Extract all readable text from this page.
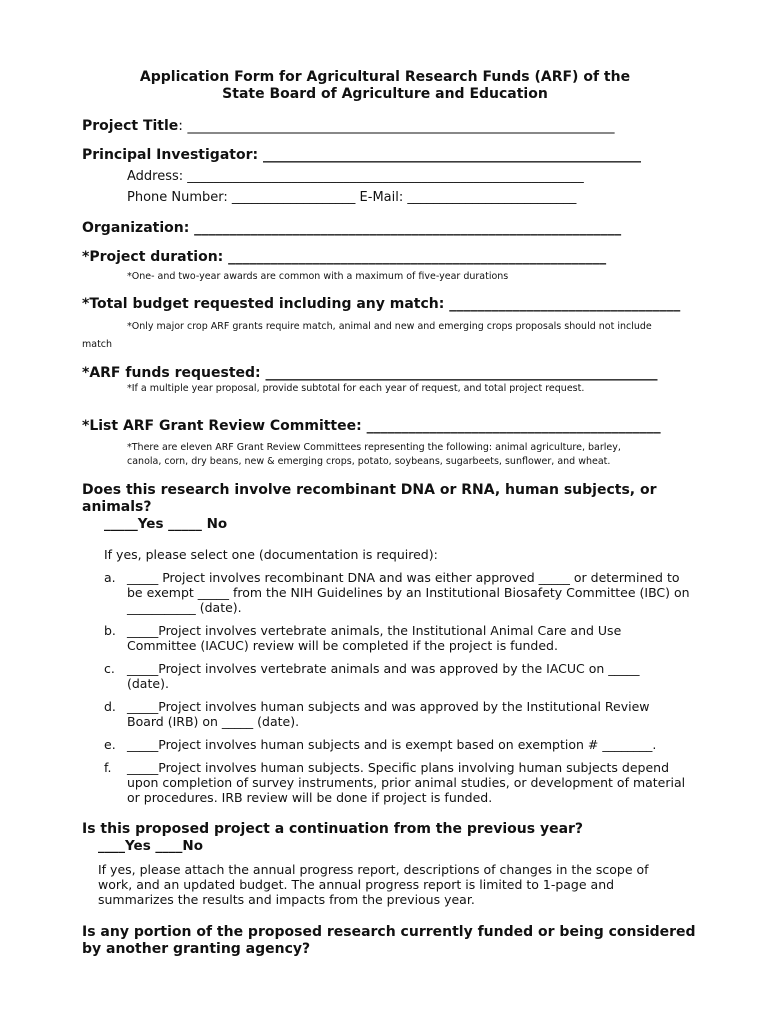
Application Form for Agricultural Research Funds (ARF) of the
State Board of Agriculture and Education
Project Title: _____________________________________________________________
Principal Investigator: ______________________________________________________
Address: _____________________________________________________________
Phone Number: ___________________ E-Mail: __________________________
Organization: _____________________________________________________________
*Project duration: ______________________________________________________
*One- and two-year awards are common with a maximum of five-year durations
*Total budget requested including any match: _________________________________
*Only major crop ARF grants require match, animal and new and emerging crops proposals should not include
match
*ARF funds requested: ________________________________________________________
*If a multiple year proposal, provide subtotal for each year of request, and total project request.
*List ARF Grant Review Committee: __________________________________________
*There are eleven ARF Grant Review Committees representing the following: animal agriculture, barley,
canola, corn, dry beans, new & emerging crops, potato, soybeans, sugarbeets, sunflower, and wheat.
Does this research involve recombinant DNA or RNA, human subjects, or animals?
_____Yes _____ No
If yes, please select one (documentation is required):
a. _____ Project involves recombinant DNA and was either approved _____ or determined to be exempt _____ from the NIH Guidelines by an Institutional Biosafety Committee (IBC) on ___________ (date).
b. _____Project involves vertebrate animals, the Institutional Animal Care and Use Committee (IACUC) review will be completed if the project is funded.
c. _____Project involves vertebrate animals and was approved by the IACUC on _____ (date).
d. _____Project involves human subjects and was approved by the Institutional Review Board (IRB) on _____ (date).
e. _____Project involves human subjects and is exempt based on exemption # ________.
f. _____Project involves human subjects. Specific plans involving human subjects depend upon completion of survey instruments, prior animal studies, or development of material or procedures. IRB review will be done if project is funded.
Is this proposed project a continuation from the previous year?
____Yes ____No
If yes, please attach the annual progress report, descriptions of changes in the scope of work, and an updated budget. The annual progress report is limited to 1-page and summarizes the results and impacts from the previous year.
Is any portion of the proposed research currently funded or being considered by another granting agency?
